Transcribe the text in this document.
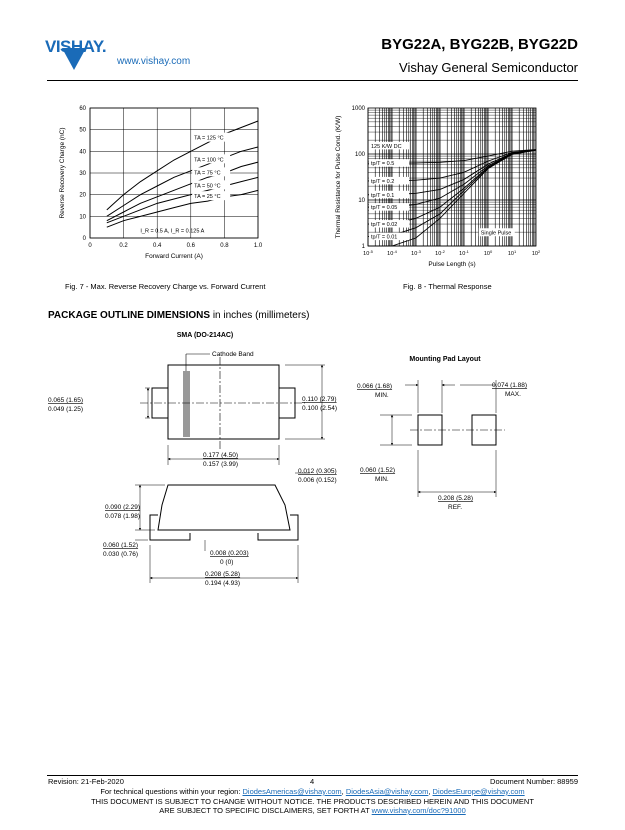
VISHAY.
www.vishay.com
BYG22A, BYG22B, BYG22D
Vishay General Semiconductor
0	0.2	0.4	0.6	0.8	1.0
0
10
20
30
40
50
60
TA = 125 °C
TA = 100 °C
TA = 75 °C
TA = 50 °C
TA = 25 °C
Forward Current (A)
Reverse Recovery Charge (nC)
I_R = 0.5 A, I_R = 0.125 A
Fig. 7 - Max. Reverse Recovery Charge vs. Forward Current
$10^{-5}$	$10^{-4}$	$10^{-3}$	$10^{-2}$	$10^{-1}$	$10^0$	$10^1$	$10^2$
1
10
100
1000
125 K/W DC
tp/T = 0.5
tp/T = 0.2
tp/T = 0.1
tp/T = 0.05
tp/T = 0.02
tp/T = 0.01
Single Pulse
Pulse Length (s)
Thermal Resistance for Pulse Cond. (K/W)
Fig. 8 - Thermal Response
PACKAGE OUTLINE DIMENSIONS in inches (millimeters)
SMA (DO-214AC)
Cathode Band
0.065 (1.65)
0.049 (1.25)
0.110 (2.79)
0.100 (2.54)
0.177 (4.50)
0.157 (3.99)
0.012 (0.305)
0.006 (0.152)
0.090 (2.29)
0.078 (1.98)
0.060 (1.52)
0.030 (0.76)	0.008 (0.203)
0 (0)
0.208 (5.28)
0.194 (4.93)
Mounting Pad Layout
0.066 (1.68)
MIN.
0.074 (1.88)
MAX.
0.060 (1.52)
MIN.
0.208 (5.28)
REF.
Revision: 21-Feb-2020	4	Document Number: 88959
For technical questions within your region: DiodesAmericas@vishay.com, DiodesAsia@vishay.com, DiodesEurope@vishay.com
THIS DOCUMENT IS SUBJECT TO CHANGE WITHOUT NOTICE. THE PRODUCTS DESCRIBED HEREIN AND THIS DOCUMENT
ARE SUBJECT TO SPECIFIC DISCLAIMERS, SET FORTH AT www.vishay.com/doc?91000
